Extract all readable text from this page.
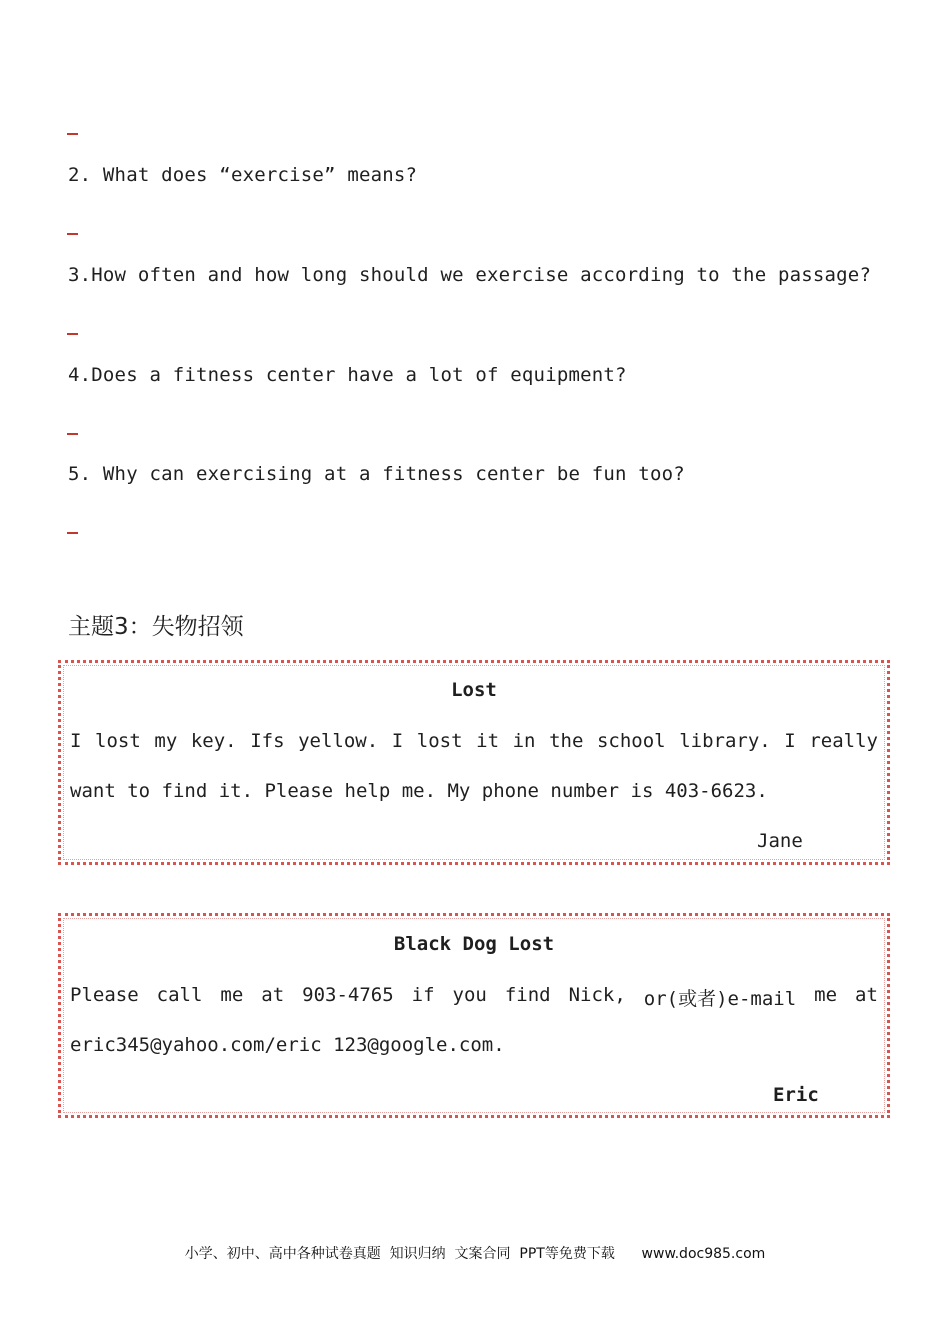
2. What does “exercise” means?
3.How often and how long should we exercise according to the passage?
4.Does a fitness center have a lot of equipment?
5. Why can exercising at a fitness center be fun too?
主题3：失物招领
Lost
I lost my key. Ifs yellow. I lost it in the school library. I really
want to find it. Please help me. My phone number is 403-6623.
Jane
Black Dog Lost
Please call me at 903-4765 if you find Nick, or(或者)e-mail me at
eric345@yahoo.com/eric 123@google.com.
Eric
小学、初中、高中各种试卷真题  知识归纳  文案合同  PPT等免费下载      www.doc985.com
